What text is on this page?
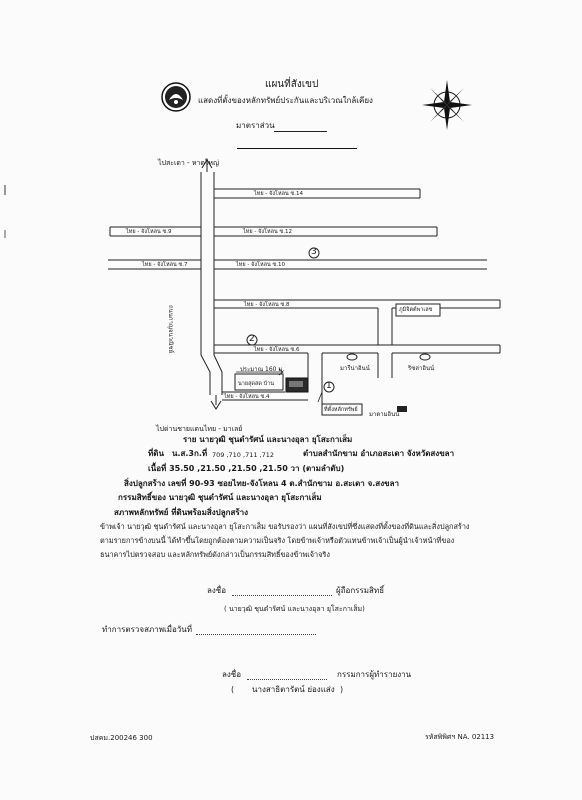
แผนที่สังเขป
แสดงที่ตั้งของหลักทรัพย์ประกันและบริเวณใกล้เคียง
มาตราส่วน
ไปสะเดา - หาดใหญ่
ถนนกาญจนวณิชย์
ไทย - จังโหลน ซ.14
ไทย - จังโหลน ซ.9	ไทย - จังโหลน ซ.12
ไทย - จังโหลน ซ.7	ไทย - จังโหลน ซ.10
ไทย - จังโหลน ซ.8
ไทย - จังโหลน ซ.6
ไทย - จังโหลน ซ.4
3
2
1
ภูมิจิตต์พาเลซ
มารีน่าอินน์	ริซล่าอินน์
มาดามอินน์
นายสุดสด บ้าน
ที่ตั้งหลักทรัพย์
ประมาณ 160 ม.
ไปด่านชายแดนไทย - มาเลย์
ราย นายวุฒิ ชุนดำรัศน์ และนางอุลา ยุโสะกาเส็ม
ที่ดิน น.ส.3ก.ที่ 709 ,710 ,711 ,712	ตำบลสำนักขาม อำเภอสะเดา จังหวัดสงขลา
เนื้อที่ 35.50 ,21.50 ,21.50 ,21.50 วา (ตามลำดับ)
สิ่งปลูกสร้าง เลขที่ 90-93 ซอยไทย-จังโหลน 4 ต.สำนักขาม อ.สะเดา จ.สงขลา
กรรมสิทธิ์ของ นายวุฒิ ชุนดำรัศน์ และนางอุลา ยุโสะกาเส็ม
สภาพหลักทรัพย์ ที่ดินพร้อมสิ่งปลูกสร้าง
ข้าพเจ้า นายวุฒิ ชุนดำรัศน์ และนางอุลา ยุโสะกาเส็ม ขอรับรองว่า แผนที่สังเขปที่ซึ่งแสดงที่ตั้งของที่ดินและสิ่งปลูกสร้าง
ตามรายการข้างบนนี้ ได้ทำขึ้นโดยถูกต้องตามความเป็นจริง โดยข้าพเจ้าหรือตัวแทนข้าพเจ้าเป็นผู้นำเจ้าหน้าที่ของ
ธนาคารไปตรวจสอบ และหลักทรัพย์ดังกล่าวเป็นกรรมสิทธิ์ของข้าพเจ้าจริง
ลงชื่อ	ผู้ถือกรรมสิทธิ์
( นายวุฒิ ชุนดำรัศน์ และนางอุลา ยุโสะกาเส็ม)
ทำการตรวจสภาพเมื่อวันที่
ลงชื่อ	กรรมการผู้ทำรายงาน
( นางสาธิตารัตน์ ย่องแส่ง )
ปสคม.200246 300	รหัสพิพิศฯ NA. 02113
